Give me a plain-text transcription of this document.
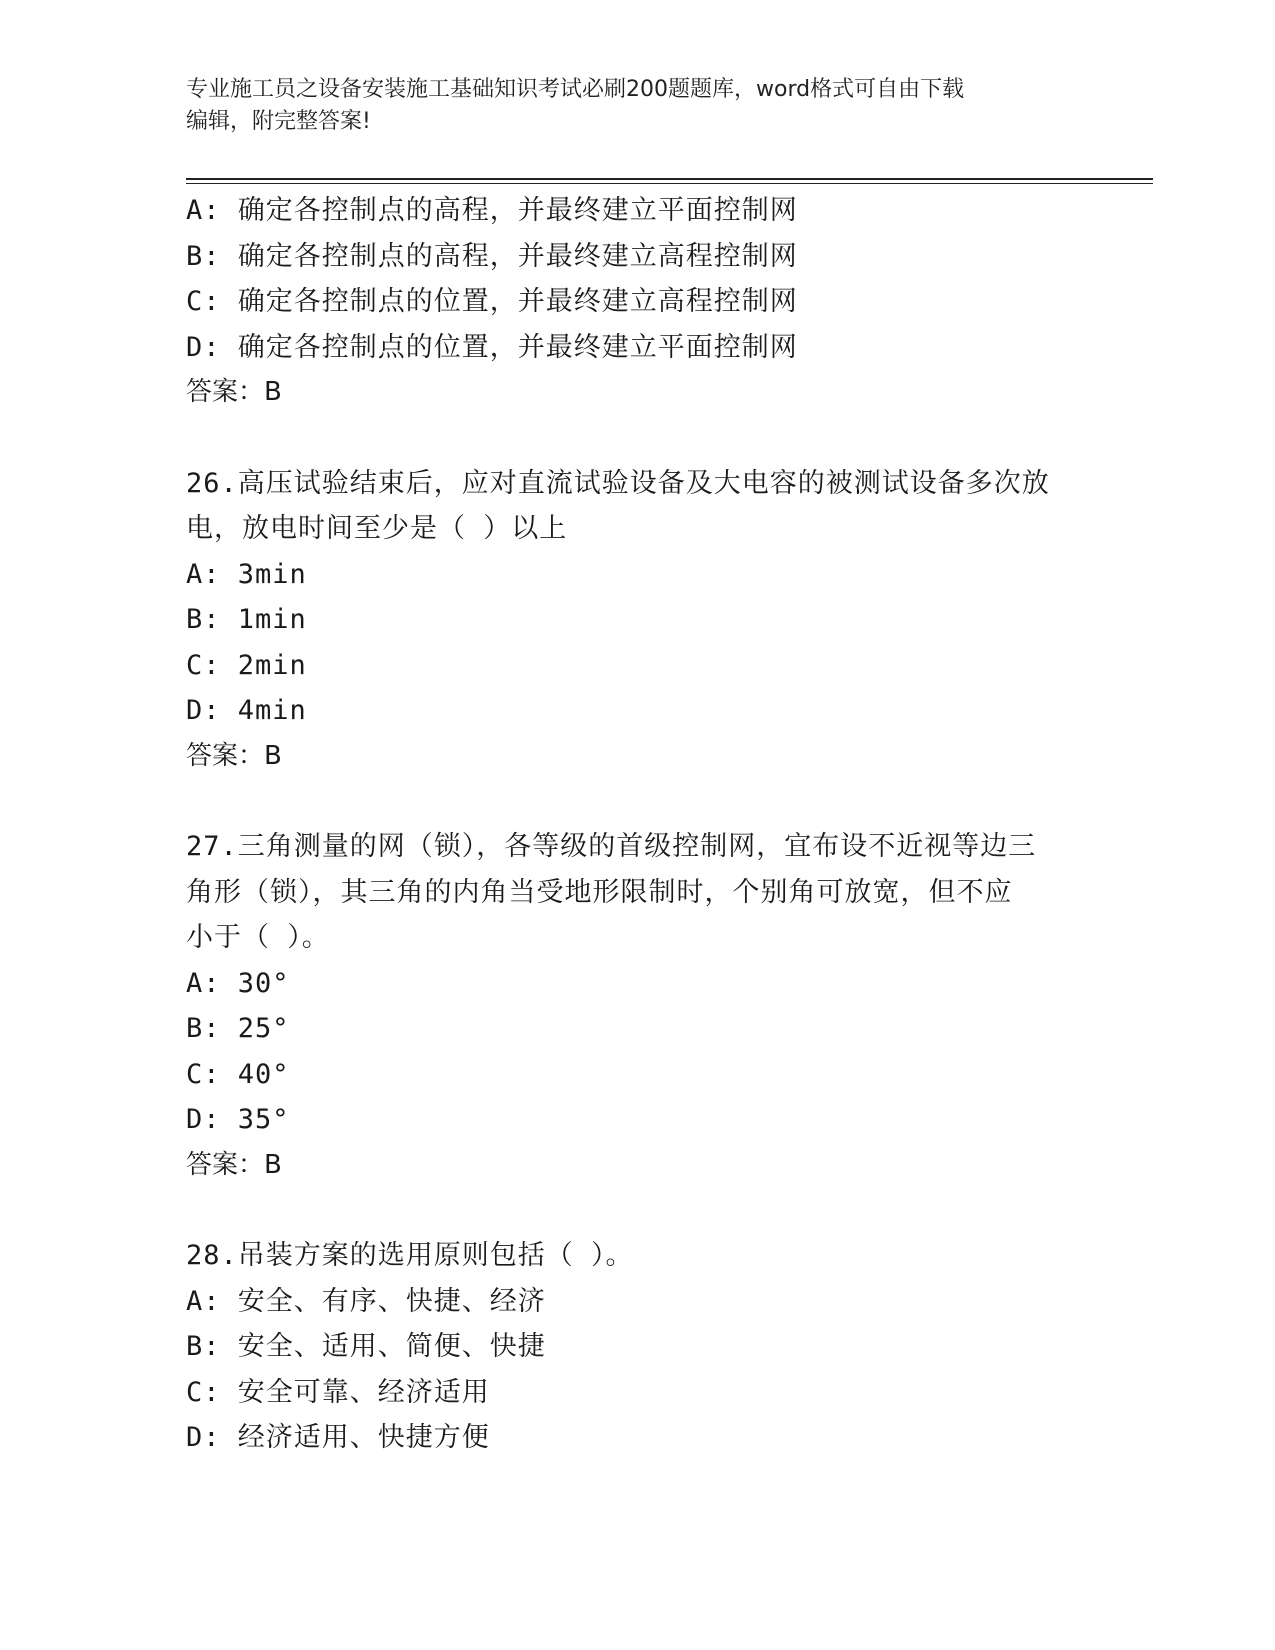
专业施工员之设备安装施工基础知识考试必刷200题题库，word格式可自由下载
编辑，附完整答案!
A: 确定各控制点的高程，并最终建立平面控制网
B: 确定各控制点的高程，并最终建立高程控制网
C: 确定各控制点的位置，并最终建立高程控制网
D: 确定各控制点的位置，并最终建立平面控制网
答案：B
26.高压试验结束后，应对直流试验设备及大电容的被测试设备多次放
电，放电时间至少是（ ）以上
A: 3min
B: 1min
C: 2min
D: 4min
答案：B
27.三角测量的网（锁），各等级的首级控制网，宜布设不近视等边三
角形（锁），其三角的内角当受地形限制时，个别角可放宽，但不应
小于（ ）。
A: 30°
B: 25°
C: 40°
D: 35°
答案：B
28.吊装方案的选用原则包括（ ）。
A: 安全、有序、快捷、经济
B: 安全、适用、简便、快捷
C: 安全可靠、经济适用
D: 经济适用、快捷方便
